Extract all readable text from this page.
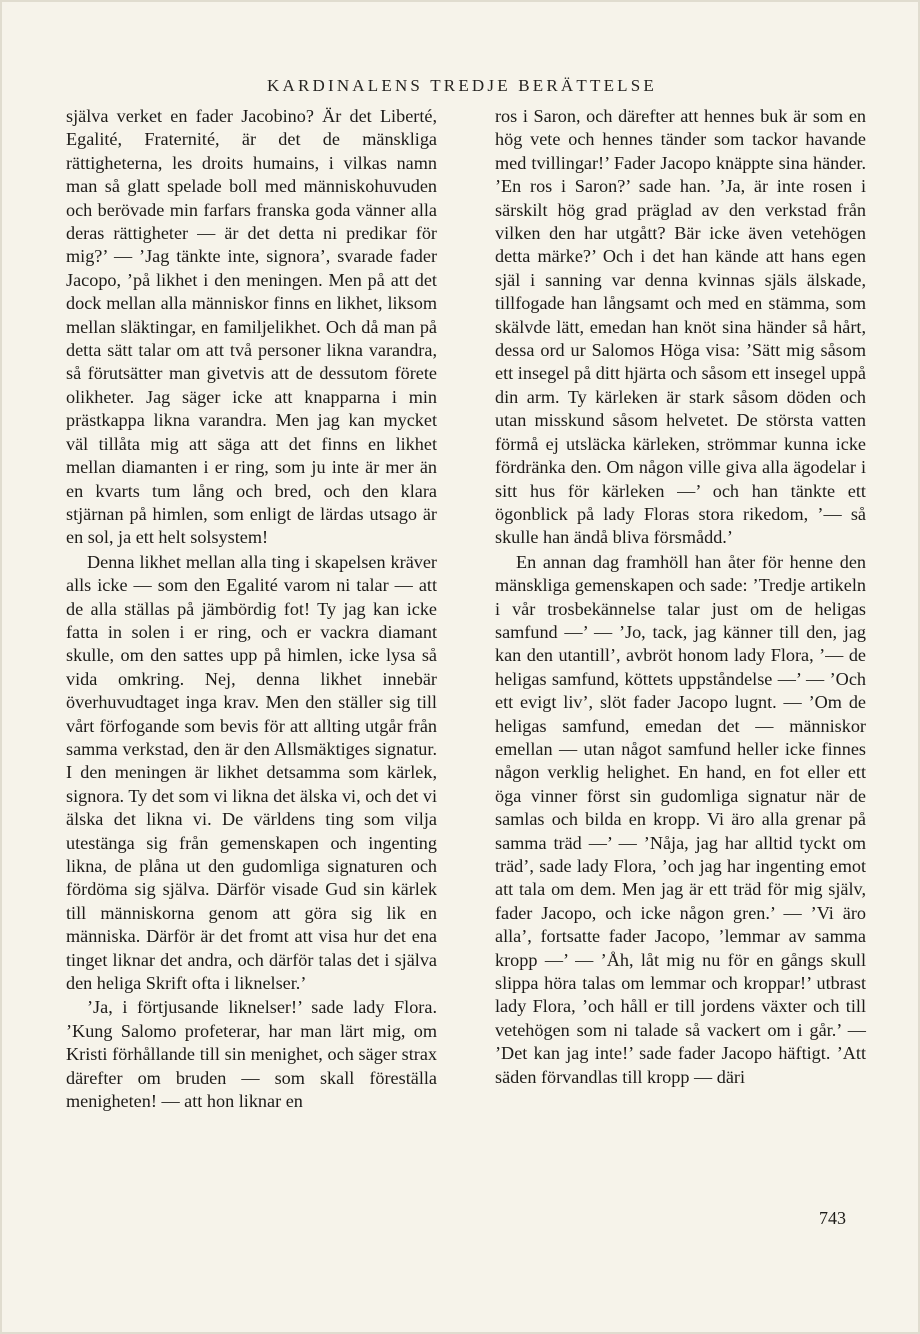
KARDINALENS TREDJE BERÄTTELSE

själva verket en fader Jacobino? Är det Liberté, Egalité, Fraternité, är det de mänskliga rättigheterna, les droits humains, i vilkas namn man så glatt spelade boll med människohuvuden och berövade min farfars franska goda vänner alla deras rättigheter — är det detta ni predikar för mig?’ — ’Jag tänkte inte, signora’, svarade fader Jacopo, ’på likhet i den meningen. Men på att det dock mellan alla människor finns en likhet, liksom mellan släktingar, en familjelikhet. Och då man på detta sätt talar om att två personer likna varandra, så förutsätter man givetvis att de dessutom förete olikheter. Jag säger icke att knapparna i min prästkappa likna varandra. Men jag kan mycket väl tillåta mig att säga att det finns en likhet mellan diamanten i er ring, som ju inte är mer än en kvarts tum lång och bred, och den klara stjärnan på himlen, som enligt de lärdas utsago är en sol, ja ett helt solsystem!

Denna likhet mellan alla ting i skapelsen kräver alls icke — som den Egalité varom ni talar — att de alla ställas på jämbördig fot! Ty jag kan icke fatta in solen i er ring, och er vackra diamant skulle, om den sattes upp på himlen, icke lysa så vida omkring. Nej, denna likhet innebär överhuvudtaget inga krav. Men den ställer sig till vårt förfogande som bevis för att allting utgår från samma verkstad, den är den Allsmäktiges signatur. I den meningen är likhet detsamma som kärlek, signora. Ty det som vi likna det älska vi, och det vi älska det likna vi. De världens ting som vilja utestänga sig från gemenskapen och ingenting likna, de plåna ut den gudomliga signaturen och fördöma sig själva. Därför visade Gud sin kärlek till människorna genom att göra sig lik en människa. Därför är det fromt att visa hur det ena tinget liknar det andra, och därför talas det i själva den heliga Skrift ofta i liknelser.’

’Ja, i förtjusande liknelser!’ sade lady Flora. ’Kung Salomo profeterar, har man lärt mig, om Kristi förhållande till sin menighet, och säger strax därefter om bruden — som skall föreställa menigheten! — att hon liknar en

ros i Saron, och därefter att hennes buk är som en hög vete och hennes tänder som tackor havande med tvillingar!’ Fader Jacopo knäppte sina händer. ’En ros i Saron?’ sade han. ’Ja, är inte rosen i särskilt hög grad präglad av den verkstad från vilken den har utgått? Bär icke även vetehögen detta märke?’ Och i det han kände att hans egen själ i sanning var denna kvinnas själs älskade, tillfogade han långsamt och med en stämma, som skälvde lätt, emedan han knöt sina händer så hårt, dessa ord ur Salomos Höga visa: ’Sätt mig såsom ett insegel på ditt hjärta och såsom ett insegel uppå din arm. Ty kärleken är stark såsom döden och utan misskund såsom helvetet. De största vatten förmå ej utsläcka kärleken, strömmar kunna icke fördränka den. Om någon ville giva alla ägodelar i sitt hus för kärleken —’ och han tänkte ett ögonblick på lady Floras stora rikedom, ’— så skulle han ändå bliva försmådd.’

En annan dag framhöll han åter för henne den mänskliga gemenskapen och sade: ’Tredje artikeln i vår trosbekännelse talar just om de heligas samfund —’ — ’Jo, tack, jag känner till den, jag kan den utantill’, avbröt honom lady Flora, ’— de heligas samfund, köttets uppståndelse —’ — ’Och ett evigt liv’, slöt fader Jacopo lugnt. — ’Om de heligas samfund, emedan det — människor emellan — utan något samfund heller icke finnes någon verklig helighet. En hand, en fot eller ett öga vinner först sin gudomliga signatur när de samlas och bilda en kropp. Vi äro alla grenar på samma träd —’ — ’Nåja, jag har alltid tyckt om träd’, sade lady Flora, ’och jag har ingenting emot att tala om dem. Men jag är ett träd för mig själv, fader Jacopo, och icke någon gren.’ — ’Vi äro alla’, fortsatte fader Jacopo, ’lemmar av samma kropp —’ — ’Åh, låt mig nu för en gångs skull slippa höra talas om lemmar och kroppar!’ utbrast lady Flora, ’och håll er till jordens växter och till vetehögen som ni talade så vackert om i går.’ — ’Det kan jag inte!’ sade fader Jacopo häftigt. ’Att säden förvandlas till kropp — däri

743
